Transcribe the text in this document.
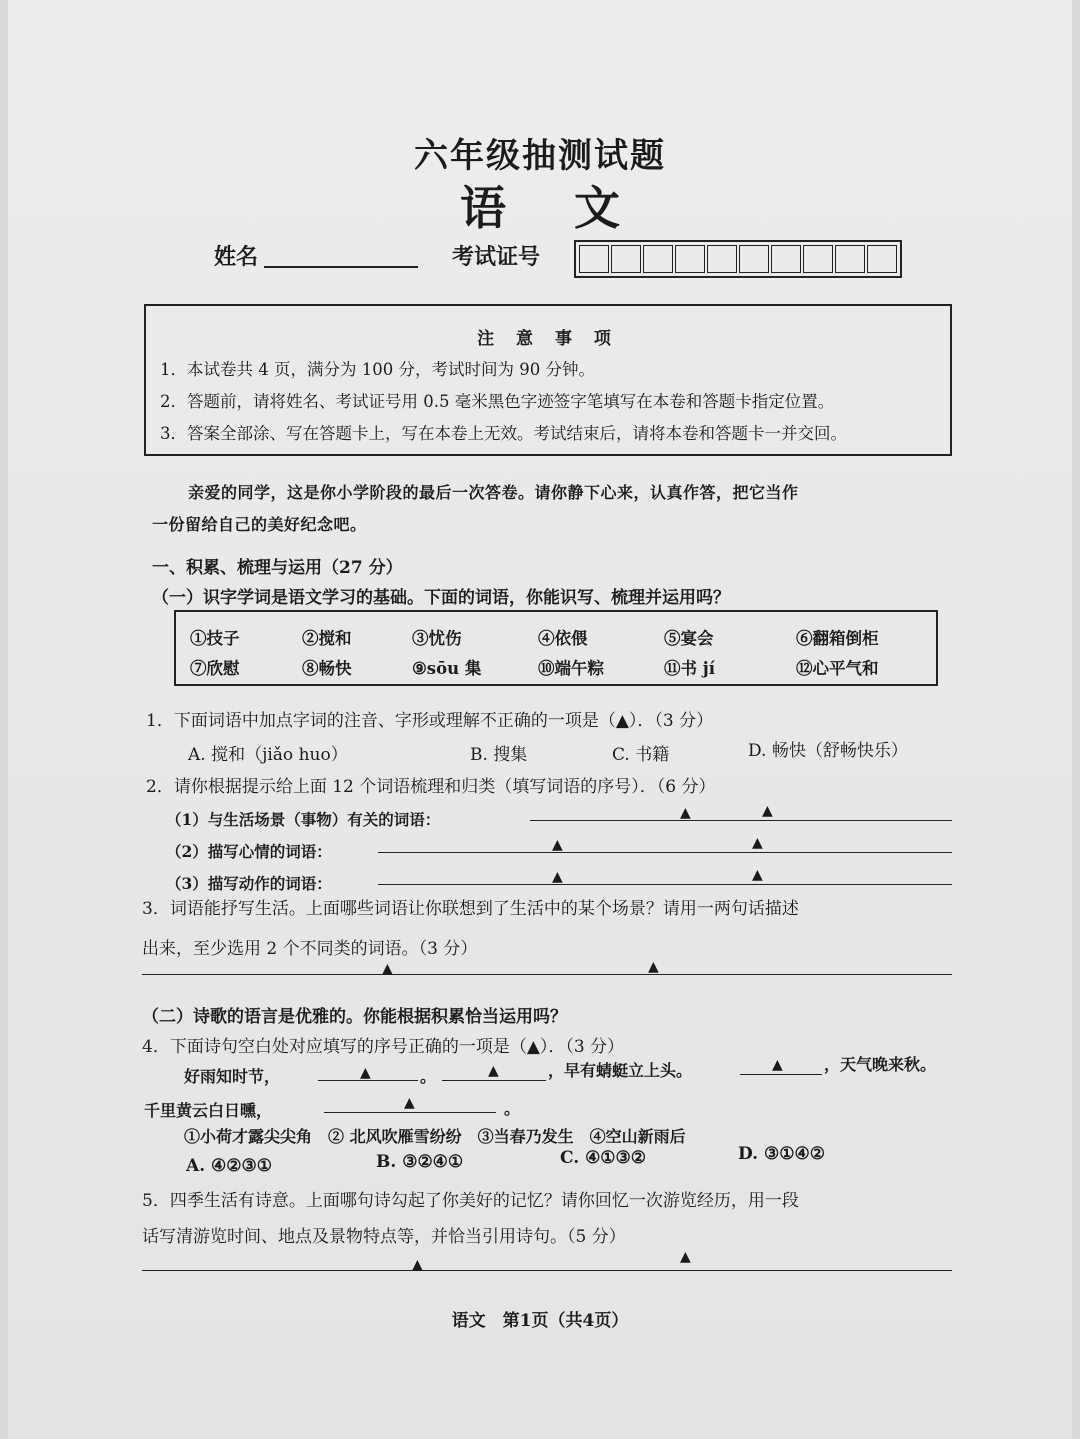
六年级抽测试题
语 文
姓名	考试证号
注 意 事 项
1．本试卷共 4 页，满分为 100 分，考试时间为 90 分钟。
2．答题前，请将姓名、考试证号用 0.5 毫米黑色字迹签字笔填写在本卷和答题卡指定位置。
3．答案全部涂、写在答题卡上，写在本卷上无效。考试结束后，请将本卷和答题卡一并交回。
亲爱的同学，这是你小学阶段的最后一次答卷。请你静下心来，认真作答，把它当作
一份留给自己的美好纪念吧。
一、积累、梳理与运用（27 分）
（一）识字学词是语文学习的基础。下面的词语，你能识写、梳理并运用吗？
①技子	②搅和	③忧伤	④依偎	⑤宴会	⑥翻箱倒柜
⑦欣慰	⑧畅快	⑨sōu 集	⑩端午粽	⑪书 jí	⑫心平气和
1．下面词语中加点字词的注音、字形或理解不正确的一项是（▲）．（3 分）
A. 搅和（jiǎo huo）	B. 搜集	C. 书籍	D. 畅快（舒畅快乐）
2．请你根据提示给上面 12 个词语梳理和归类（填写词语的序号）．（6 分）
（1）与生活场景（事物）有关的词语：	▲	▲
（2）描写心情的词语：	▲	▲
（3）描写动作的词语：	▲	▲
3．词语能抒写生活。上面哪些词语让你联想到了生活中的某个场景？请用一两句话描述
出来，至少选用 2 个不同类的词语。（3 分）
▲	▲
（二）诗歌的语言是优雅的。你能根据积累恰当运用吗？
4．下面诗句空白处对应填写的序号正确的一项是（▲）．（3 分）
好雨知时节，	▲	。	▲	，早有蜻蜓立上头。	▲	，天气晚来秋。
千里黄云白日曛，	▲	。
①小荷才露尖尖角　② 北风吹雁雪纷纷　③当春乃发生　④空山新雨后
A. ④②③①	B. ③②④①	C. ④①③②	D. ③①④②
5．四季生活有诗意。上面哪句诗勾起了你美好的记忆？请你回忆一次游览经历，用一段
话写清游览时间、地点及景物特点等，并恰当引用诗句。（5 分）
▲	▲
语文　第1页（共4页）
